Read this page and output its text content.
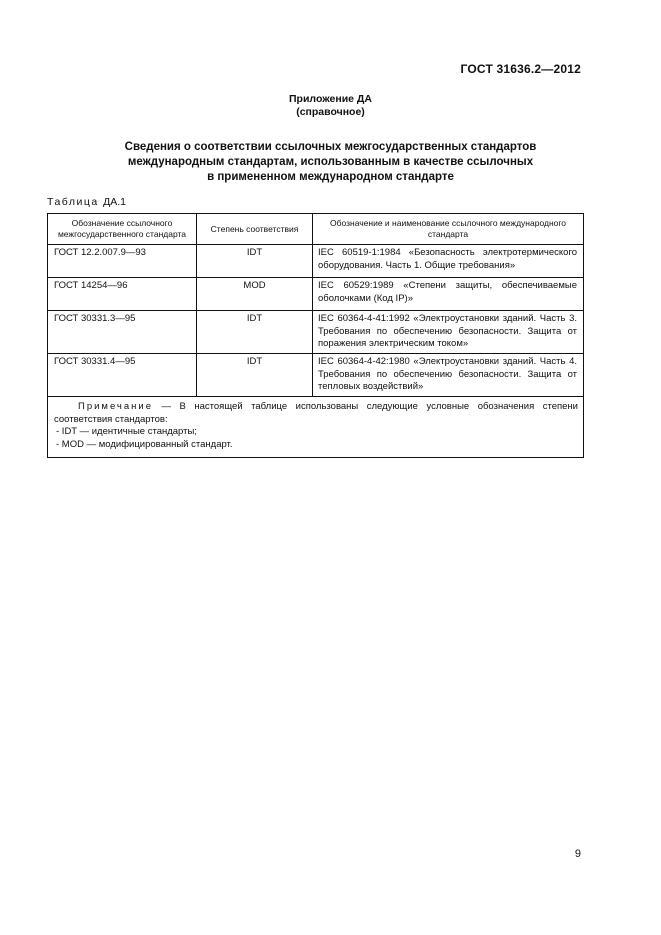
ГОСТ 31636.2—2012
Приложение ДА
(справочное)
Сведения о соответствии ссылочных межгосударственных стандартов
международным стандартам, использованным в качестве ссылочных
в примененном международном стандарте
Таблица ДА.1
Обозначение ссылочного межгосударственного стандарта	Степень соответствия	Обозначение и наименование ссылочного международного стандарта
ГОСТ 12.2.007.9—93	IDT	IEC 60519-1:1984 «Безопасность электротермического оборудования. Часть 1. Общие требования»
ГОСТ 14254—96	MOD	IEC 60529:1989 «Степени защиты, обеспечиваемые оболочками (Код IP)»
ГОСТ 30331.3—95	IDT	IEC 60364-4-41:1992 «Электроустановки зданий. Часть 3. Требования по обеспечению безопасности. Защита от поражения электрическим током»
ГОСТ 30331.4—95	IDT	IEC 60364-4-42:1980 «Электроустановки зданий. Часть 4. Требования по обеспечению безопасности. Защита от тепловых воздействий»

Примечание — В настоящей таблице использованы следующие условные обозначения степени соответствия стандартов:
- IDT — идентичные стандарты;
- MOD — модифицированный стандарт.		
9
